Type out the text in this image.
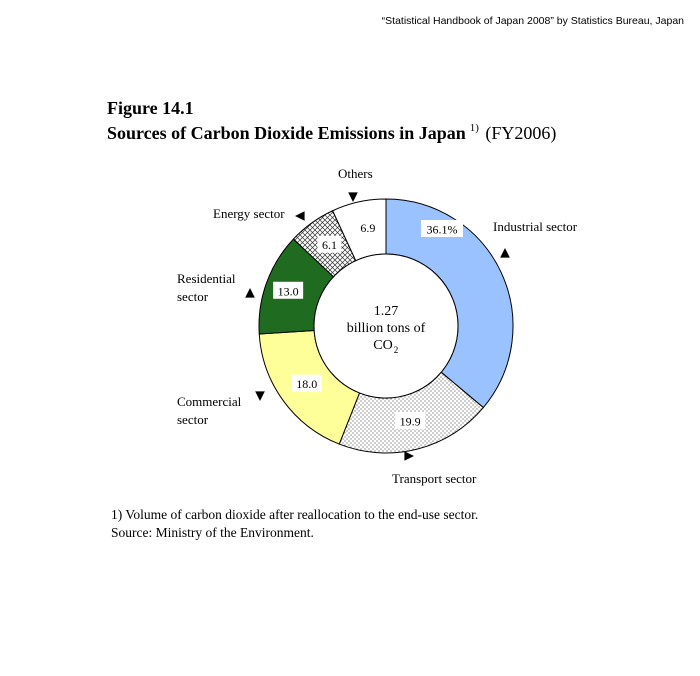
“Statistical Handbook of Japan 2008” by Statistics Bureau, Japan
Figure 14.1
Sources of Carbon Dioxide Emissions in Japan $^{1)}$ (FY2006)
1.27
billion tons of
CO 2
36.1%
19.9
18.0
13.0
6.1
6.9	Industrial sector
Transport sector
Commercial sector
Residential sector
Energy sector
Others
1) Volume of carbon dioxide after reallocation to the end-use sector.
Source: Ministry of the Environment.
